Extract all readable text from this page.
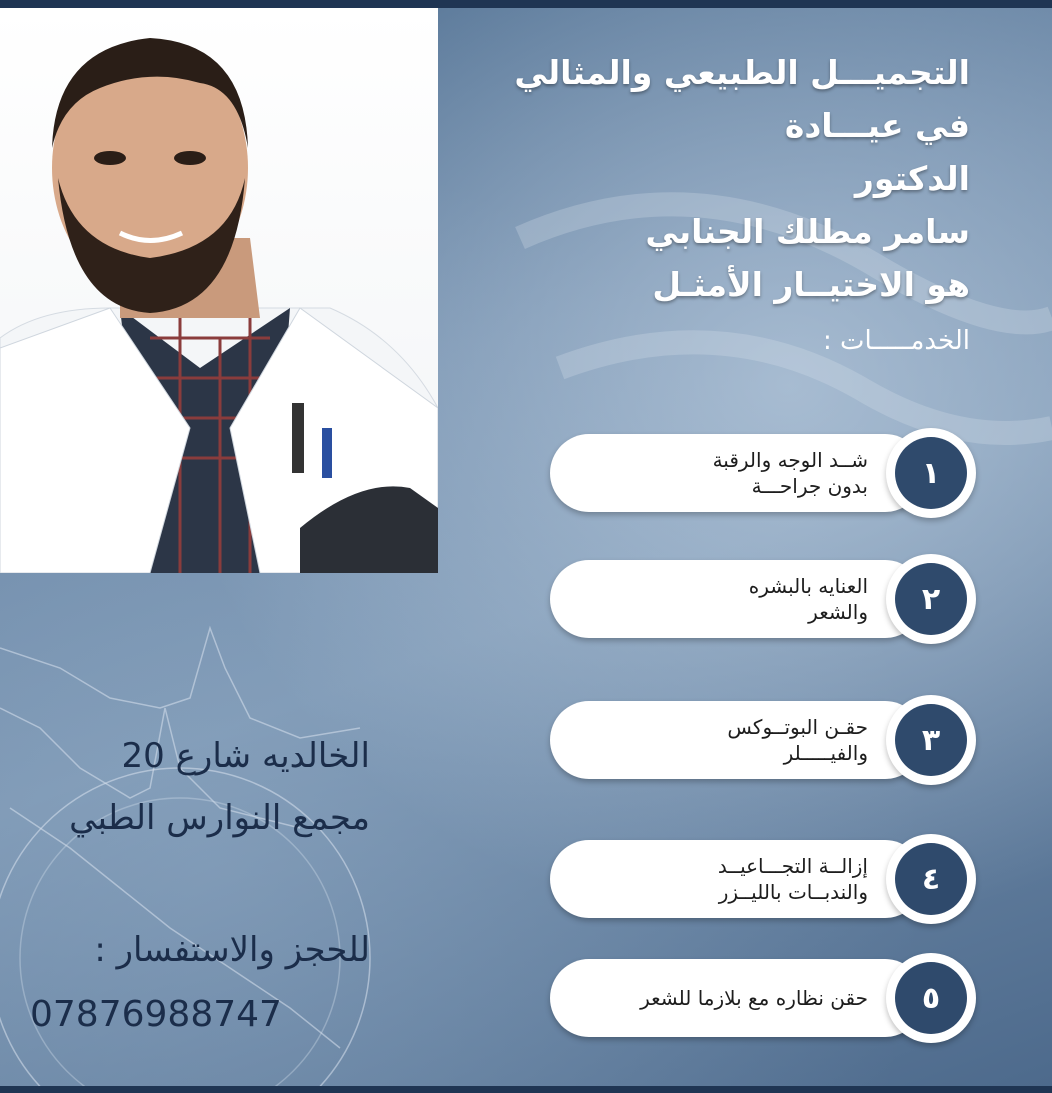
التجميـــل الطبيعي والمثالي
في عيـــادة
الدكتور
سامر مطلك الجنابي
هو الاختيــار الأمثـل
الخدمـــــات :
شــد الوجه والرقبة
بدون جراحـــة	١
العنايه بالبشره
والشعر	٢
حقـن البوتــوكس
والفيـــــلر	٣
إزالــة التجـــاعيــد
والندبــات بالليــزر	٤
حقن نظاره مع بلازما للشعر	٥
الخالديه شارع 20
مجمع النوارس الطبي
للحجز والاستفسار :
07876988747
